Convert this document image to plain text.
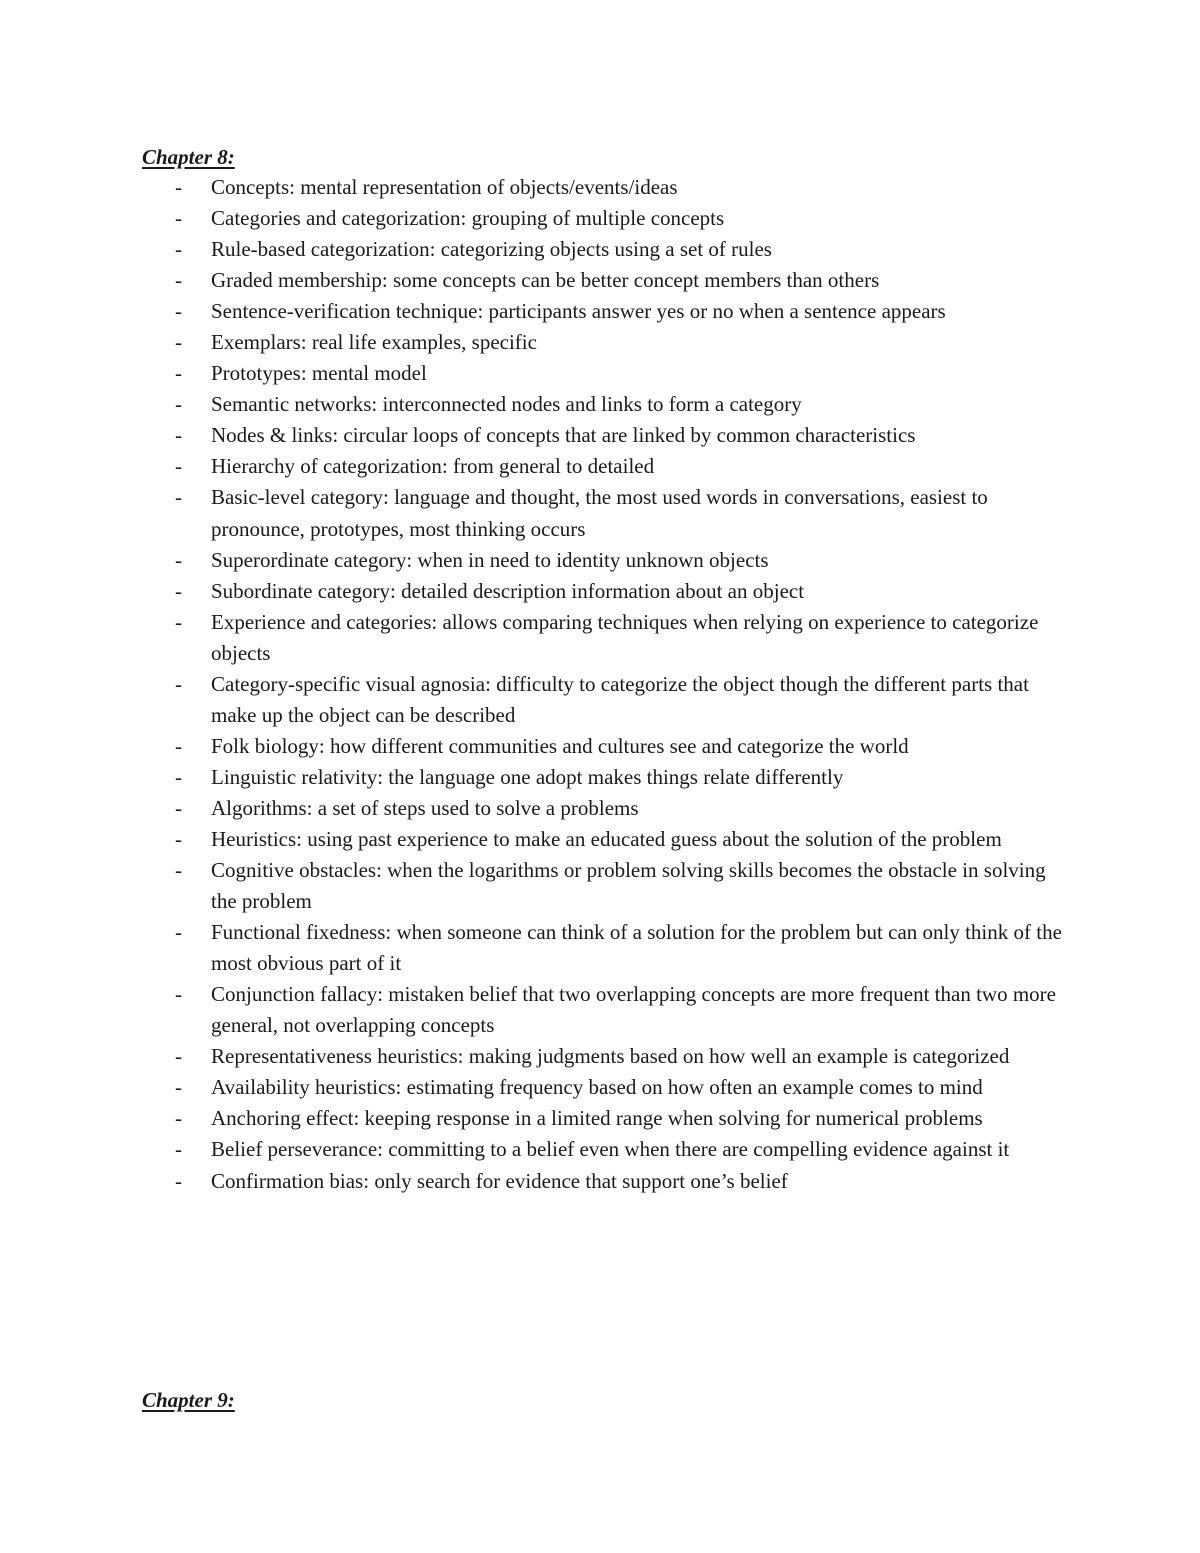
Chapter 8:
- Concepts: mental representation of objects/events/ideas
- Categories and categorization: grouping of multiple concepts
- Rule-based categorization: categorizing objects using a set of rules
- Graded membership: some concepts can be better concept members than others
- Sentence-verification technique: participants answer yes or no when a sentence appears
- Exemplars: real life examples, specific
- Prototypes: mental model
- Semantic networks: interconnected nodes and links to form a category
- Nodes & links: circular loops of concepts that are linked by common characteristics
- Hierarchy of categorization: from general to detailed
- Basic-level category: language and thought, the most used words in conversations, easiest to pronounce, prototypes, most thinking occurs
- Superordinate category: when in need to identity unknown objects
- Subordinate category: detailed description information about an object
- Experience and categories: allows comparing techniques when relying on experience to categorize objects
- Category-specific visual agnosia: difficulty to categorize the object though the different parts that make up the object can be described
- Folk biology: how different communities and cultures see and categorize the world
- Linguistic relativity: the language one adopt makes things relate differently
- Algorithms: a set of steps used to solve a problems
- Heuristics: using past experience to make an educated guess about the solution of the problem
- Cognitive obstacles: when the logarithms or problem solving skills becomes the obstacle in solving the problem
- Functional fixedness: when someone can think of a solution for the problem but can only think of the most obvious part of it
- Conjunction fallacy: mistaken belief that two overlapping concepts are more frequent than two more general, not overlapping concepts
- Representativeness heuristics: making judgments based on how well an example is categorized
- Availability heuristics: estimating frequency based on how often an example comes to mind
- Anchoring effect: keeping response in a limited range when solving for numerical problems
- Belief perseverance: committing to a belief even when there are compelling evidence against it
- Confirmation bias: only search for evidence that support one’s belief
Chapter 9:
